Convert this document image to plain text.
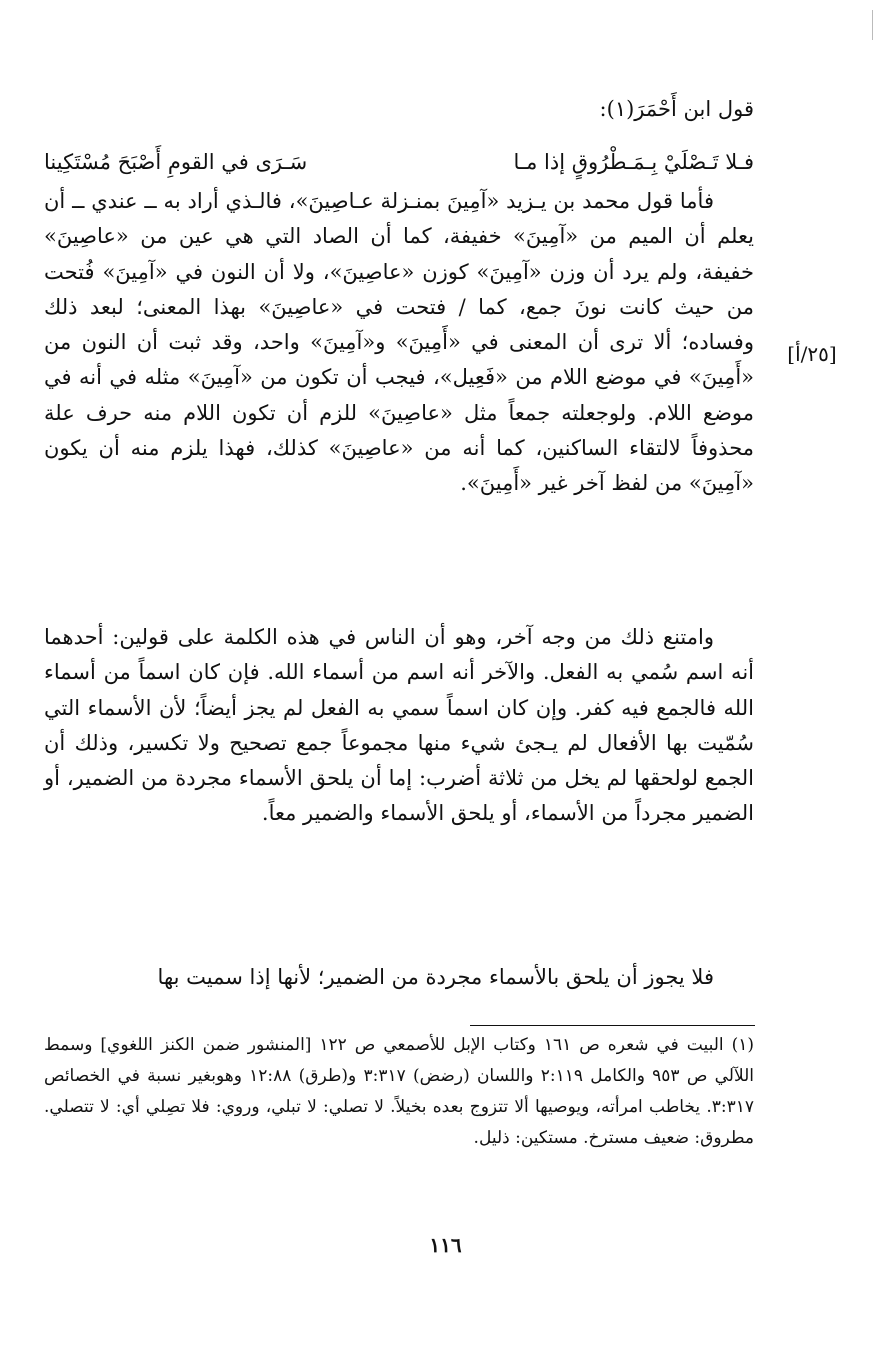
قول ابن أَحْمَرَ(١):

فـلا تَـصْلَيْ بِـمَـطْرُوقٍ إذا مـا
سَـرَى في القومِ أَصْبَحَ مُسْتَكِينا
[٢٥/أ]

فأما قول محمد بن يـزيد «آمِينَ بمنـزلة عـاصِينَ»، فالـذي أراد به ــ عندي ــ أن يعلم أن الميم من «آمِينَ» خفيفة، كما أن الصاد التي هي عين من «عاصِينَ» خفيفة، ولم يرد أن وزن «آمِينَ» كوزن «عاصِينَ»، ولا أن النون في «آمِينَ» فُتحت من حيث كانت نونَ جمع، كما / فتحت في «عاصِينَ» بهذا المعنى؛ لبعد ذلك وفساده؛ ألا ترى أن المعنى في «أَمِينَ» و«آمِينَ» واحد، وقد ثبت أن النون من «أَمِينَ» في موضع اللام من «فَعِيل»، فيجب أن تكون من «آمِينَ» مثله في أنه في موضع اللام. ولوجعلته جمعاً مثل «عاصِينَ» للزم أن تكون اللام منه حرف علة محذوفاً لالتقاء الساكنين، كما أنه من «عاصِينَ» كذلك، فهذا يلزم منه أن يكون «آمِينَ» من لفظ آخر غير «أَمِينَ».

وامتنع ذلك من وجه آخر، وهو أن الناس في هذه الكلمة على قولين: أحدهما أنه اسم سُمي به الفعل. والآخر أنه اسم من أسماء الله. فإن كان اسماً من أسماء الله فالجمع فيه كفر. وإن كان اسماً سمي به الفعل لم يجز أيضاً؛ لأن الأسماء التي سُمّيت بها الأفعال لم يـجئ شيء منها مجموعاً جمع تصحيح ولا تكسير، وذلك أن الجمع لولحقها لم يخل من ثلاثة أضرب: إما أن يلحق الأسماء مجردة من الضمير، أو الضمير مجرداً من الأسماء، أو يلحق الأسماء والضمير معاً.

فلا يجوز أن يلحق بالأسماء مجردة من الضمير؛ لأنها إذا سميت بها

(١) البيت في شعره ص ١٦١ وكتاب الإبل للأصمعي ص ١٢٢ [المنشور ضمن الكنز اللغوي] وسمط اللآلي ص ٩٥٣ والكامل ٢:١١٩ واللسان (رضض) ٣:٣١٧ و(طرق) ١٢:٨٨ وهوبغير نسبة في الخصائص ٣:٣١٧. يخاطب امرأته، ويوصيها ألا تتزوج بعده بخيلاً. لا تصلي: لا تبلي، وروي: فلا تصِلي أي: لا تتصلي. مطروق: ضعيف مسترخ. مستكين: ذليل.

١١٦
